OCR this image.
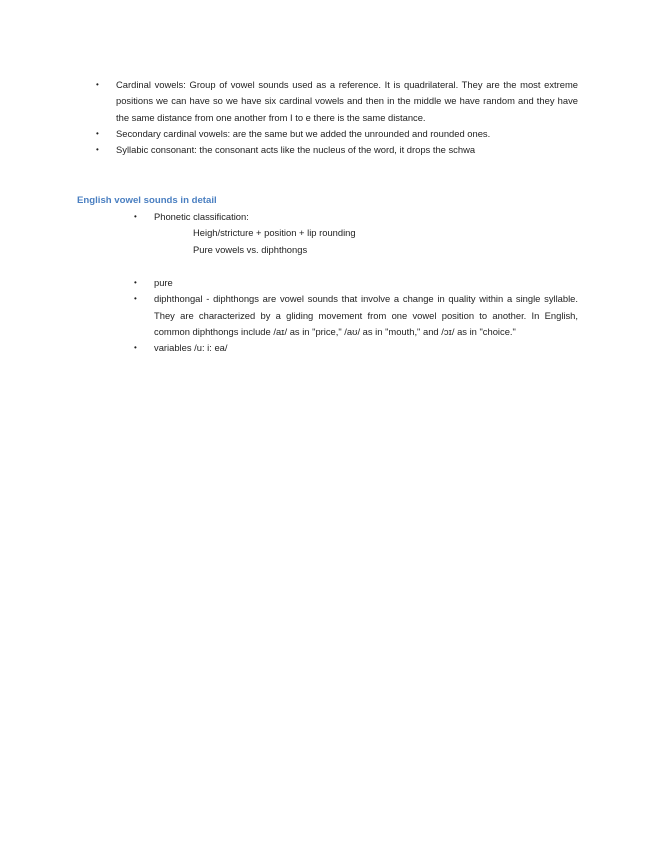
• Cardinal vowels: Group of vowel sounds used as a reference. It is quadrilateral. They are the most extreme positions we can have so we have six cardinal vowels and then in the middle we have random and they have the same distance from one another from I to e there is the same distance.
• Secondary cardinal vowels: are the same but we added the unrounded and rounded ones.
• Syllabic consonant: the consonant acts like the nucleus of the word, it drops the schwa
English vowel sounds in detail
• Phonetic classification:
Heigh/stricture + position + lip rounding
Pure vowels vs. diphthongs
• pure
• diphthongal - diphthongs are vowel sounds that involve a change in quality within a single syllable. They are characterized by a gliding movement from one vowel position to another. In English, common diphthongs include /aɪ/ as in "price," /aʊ/ as in "mouth," and /ɔɪ/ as in "choice."
• variables /u: i: ea/
